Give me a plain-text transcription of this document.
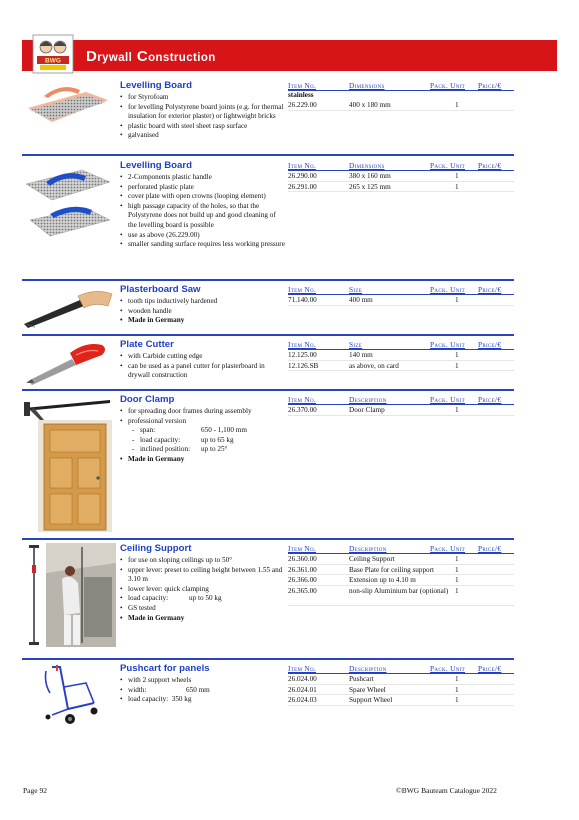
BWG Drywall Construction
Levelling Board
• for Styrofoam
• for levelling Polystyrene board joints (e.g. for thermal insulation for exterior plaster) or lightweight bricks
• plastic board with steel sheet rasp surface
• galvanised
Item No.	Dimensions	Pack. Unit Price/€
stainless
26.229.00	400 x 180 mm	1
Levelling Board
• 2-Components plastic handle
• perforated plastic plate
• cover plate with open crowns (looping element)
• high passage capacity of the holes, so that the Polystyrene does not build up and good cleaning of the levelling board is possible
• use as above (26.229.00)
• smaller sanding surface requires less working pressure
Item No.	Dimensions	Pack. Unit Price/€
26.290.00	380 x 160 mm	1
26.291.00	265 x 125 mm	1
Plasterboard Saw
• tooth tips inductively hardened
• wooden handle
• Made in Germany
Item No.	Size	Pack. Unit Price/€
71.140.00	400 mm	1
Plate Cutter
• with Carbide cutting edge
• can be used as a panel cutter for plasterboard in drywall construction
Item No.	Size	Pack. Unit Price/€
12.125.00	140 mm	1
12.126.SB	as above, on card	1
Door Clamp
• for spreading door frames during assembly
• professional version
- span:	650 - 1,100 mm
- load capacity:	up to 65 kg
- inclined position: up to 25°
• Made in Germany
Item No.	Description	Pack. Unit Price/€
26.370.00	Door Clamp	1
Ceiling Support
• for use on sloping ceilings up to 50°
• upper lever: preset to ceiling height between 1.55 and 3.10 m
• lower lever: quick clamping
• load capacity:	up to 50 kg
• GS tested
• Made in Germany
Item No.	Description	Pack. Unit Price/€
26.360.00	Ceiling Support	1
26.361.00	Base Plate for ceiling support	1
26.366.00	Extension up to 4.10 m	1
26.365.00	non-slip Aluminium bar (optional) 1
Pushcart for panels
• with 2 support wheels
• width:	650 mm
• load capacity: 350 kg
Item No.	Description	Pack. Unit Price/€
26.024.00	Pushcart	1
26.024.01	Spare Wheel	1
26.024.03	Support Wheel	1
Page 92	©BWG Bauteam Catalogue 2022
